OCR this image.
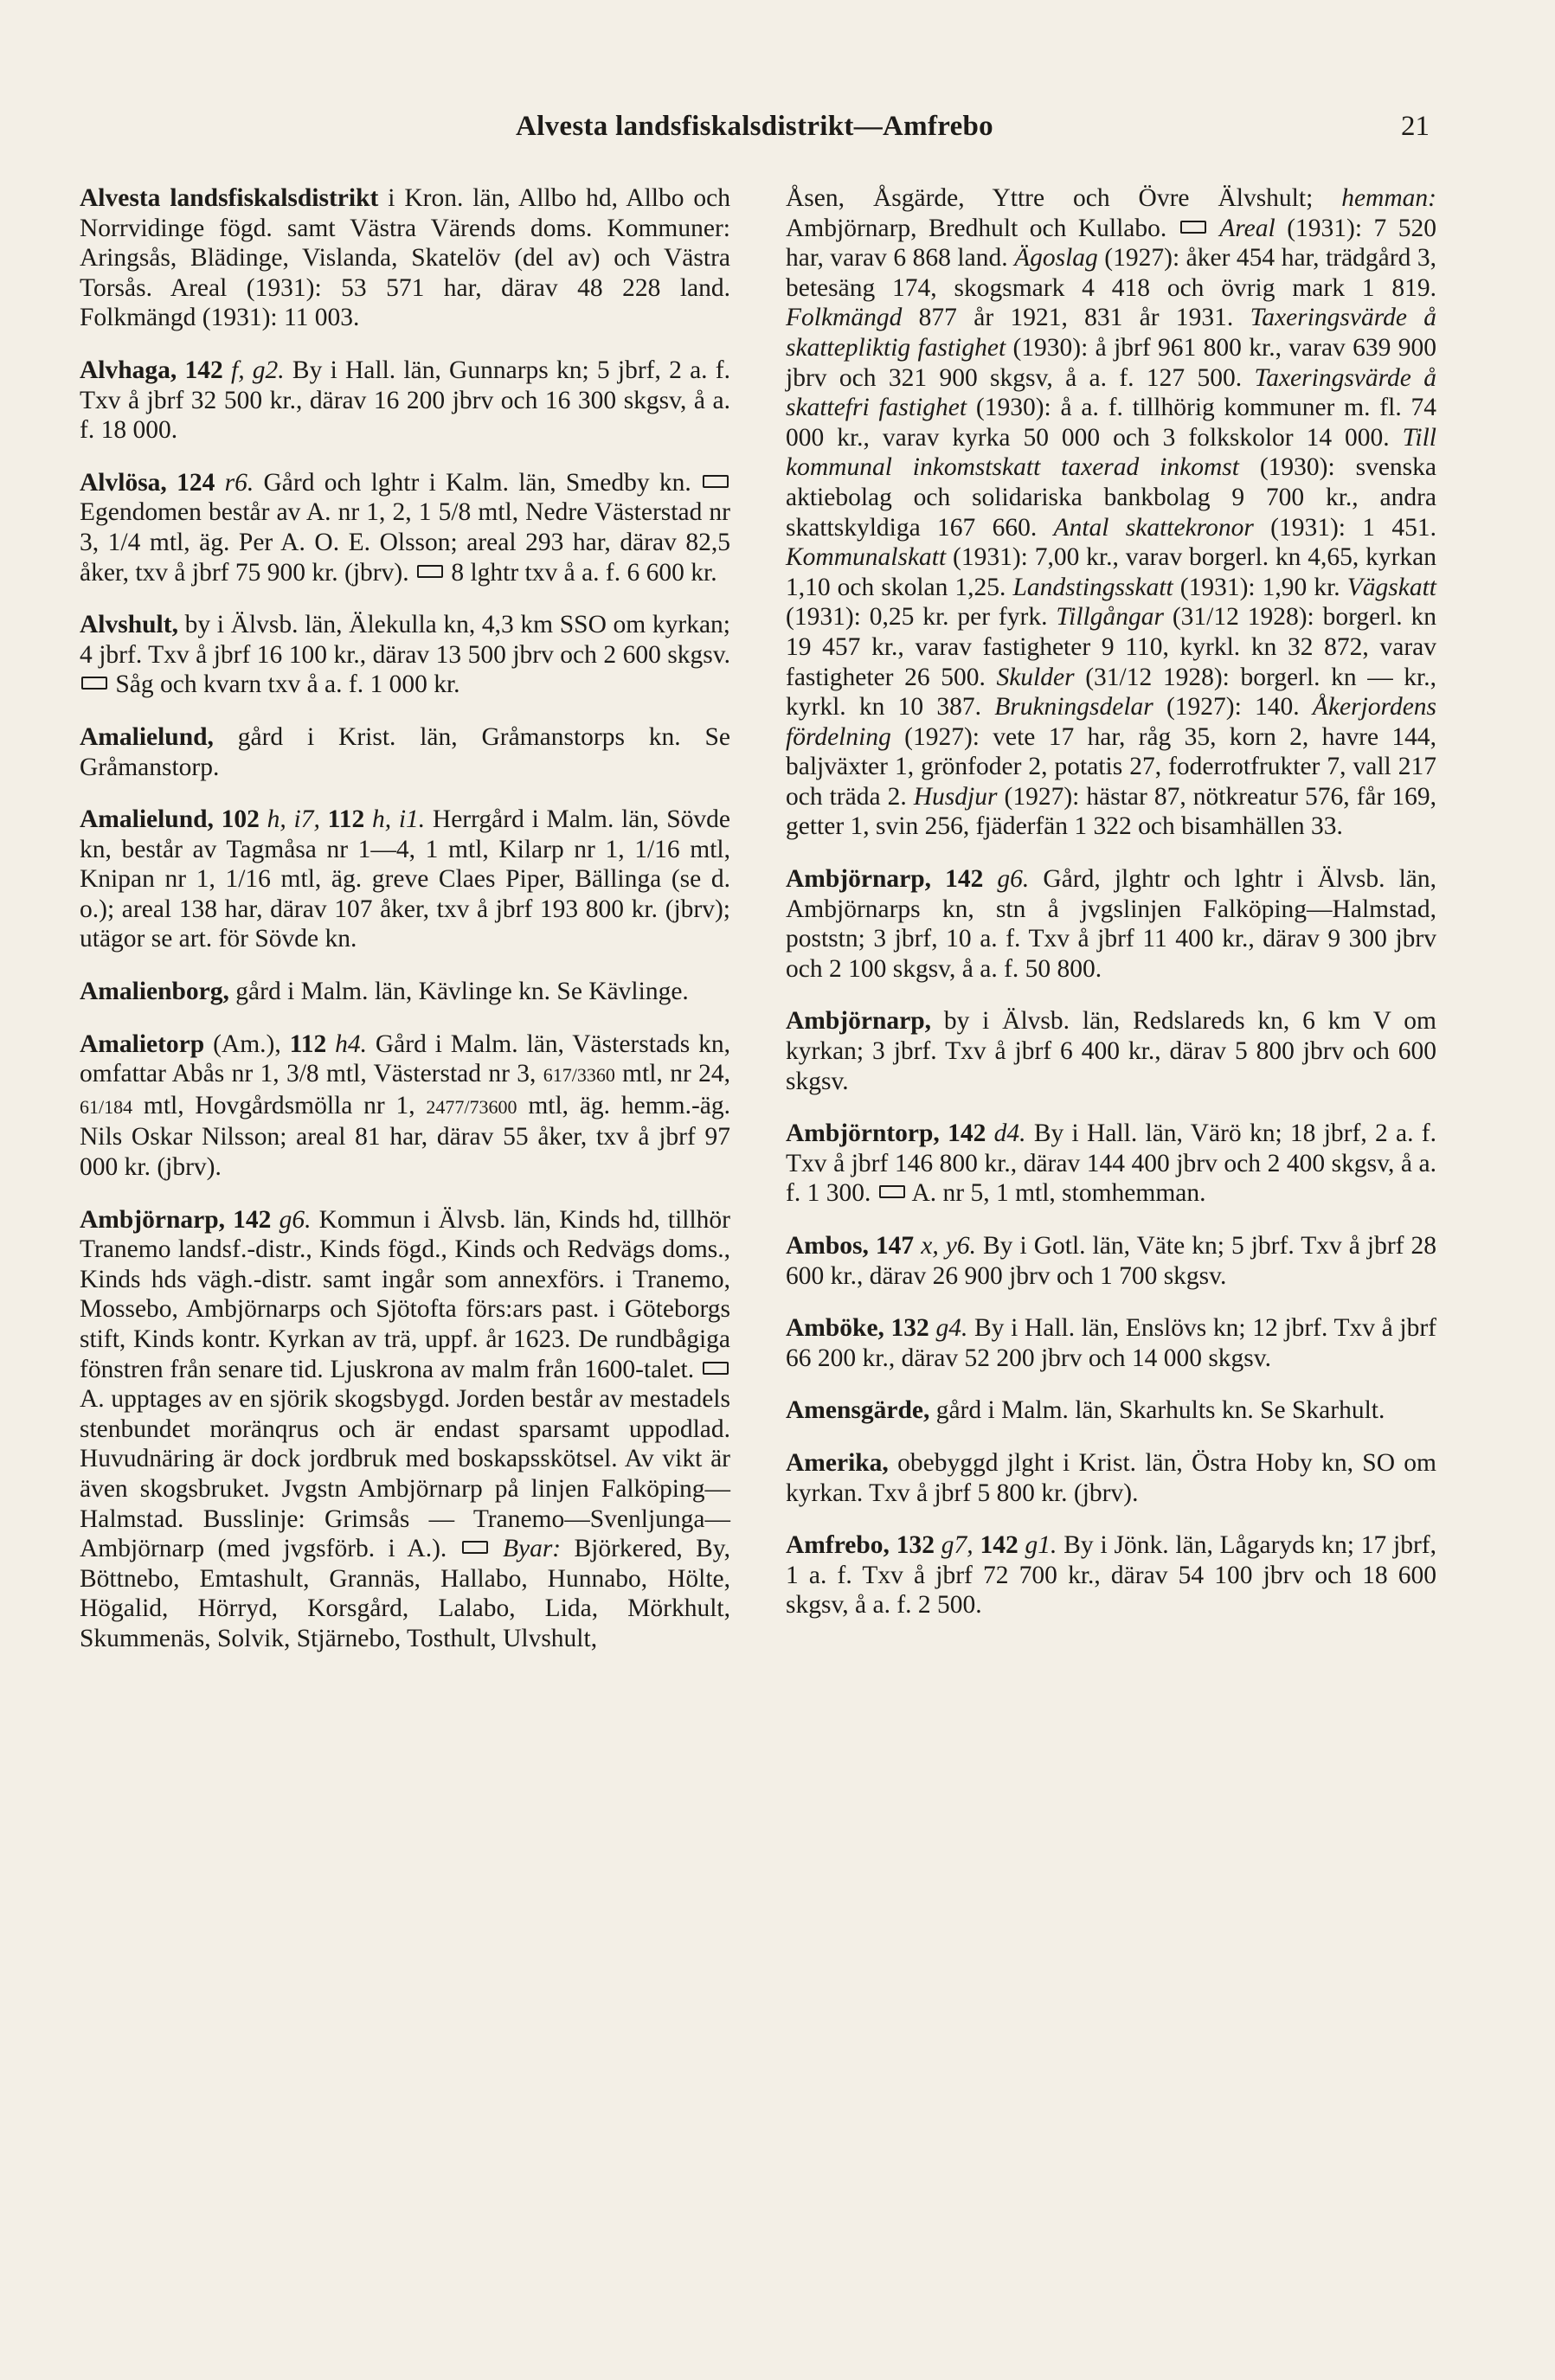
Alvesta landsfiskalsdistrikt—Amfrebo	21

Alvesta landsfiskalsdistrikt i Kron. län, Allbo hd, Allbo och Norrvidinge fögd. samt Västra Värends doms. Kommuner: Aringsås, Blädinge, Vislanda, Skatelöv (del av) och Västra Torsås. Areal (1931): 53 571 har, därav 48 228 land. Folkmängd (1931): 11 003.

Alvhaga, 142 f, g2. By i Hall. län, Gunnarps kn; 5 jbrf, 2 a. f. Txv å jbrf 32 500 kr., därav 16 200 jbrv och 16 300 skgsv, å a. f. 18 000.

Alvlösa, 124 r6. Gård och lghtr i Kalm. län, Smedby kn.  Egendomen består av A. nr 1, 2, 1 5/8 mtl, Nedre Västerstad nr 3, 1/4 mtl, äg. Per A. O. E. Olsson; areal 293 har, därav 82,5 åker, txv å jbrf 75 900 kr. (jbrv).  8 lghtr txv å a. f. 6 600 kr.

Alvshult, by i Älvsb. län, Älekulla kn, 4,3 km SSO om kyrkan; 4 jbrf. Txv å jbrf 16 100 kr., därav 13 500 jbrv och 2 600 skgsv.  Såg och kvarn txv å a. f. 1 000 kr.

Amalielund, gård i Krist. län, Gråmanstorps kn. Se Gråmanstorp.

Amalielund, 102 h, i7, 112 h, i1. Herrgård i Malm. län, Sövde kn, består av Tagmåsa nr 1—4, 1 mtl, Kilarp nr 1, 1/16 mtl, Knipan nr 1, 1/16 mtl, äg. greve Claes Piper, Bällinga (se d. o.); areal 138 har, därav 107 åker, txv å jbrf 193 800 kr. (jbrv); utägor se art. för Sövde kn.

Amalienborg, gård i Malm. län, Kävlinge kn. Se Kävlinge.

Amalietorp (Am.), 112 h4. Gård i Malm. län, Västerstads kn, omfattar Abås nr 1, 3/8 mtl, Västerstad nr 3, 617/3360 mtl, nr 24, 61/184 mtl, Hovgårdsmölla nr 1, 2477/73600 mtl, äg. hemm.-äg. Nils Oskar Nilsson; areal 81 har, därav 55 åker, txv å jbrf 97 000 kr. (jbrv).

Ambjörnarp, 142 g6. Kommun i Älvsb. län, Kinds hd, tillhör Tranemo landsf.-distr., Kinds fögd., Kinds och Redvägs doms., Kinds hds vägh.-distr. samt ingår som annexförs. i Tranemo, Mossebo, Ambjörnarps och Sjötofta förs:ars past. i Göteborgs stift, Kinds kontr. Kyrkan av trä, uppf. år 1623. De rundbågiga fönstren från senare tid. Ljuskrona av malm från 1600-talet.  A. upptages av en sjörik skogsbygd. Jorden består av mestadels stenbundet moränqrus och är endast sparsamt uppodlad. Huvudnäring är dock jordbruk med boskapsskötsel. Av vikt är även skogsbruket. Jvgstn Ambjörnarp på linjen Falköping—Halmstad. Busslinje: Grimsås — Tranemo—Svenljunga—Ambjörnarp (med jvgsförb. i A.).  Byar: Björkered, By, Böttnebo, Emtashult, Grannäs, Hallabo, Hunnabo, Hölte, Högalid, Hörryd, Korsgård, Lalabo, Lida, Mörkhult, Skummenäs, Solvik, Stjärnebo, Tosthult, Ulvshult,

Åsen, Åsgärde, Yttre och Övre Älvshult; hemman: Ambjörnarp, Bredhult och Kullabo.  Areal (1931): 7 520 har, varav 6 868 land. Ägoslag (1927): åker 454 har, trädgård 3, betesäng 174, skogsmark 4 418 och övrig mark 1 819. Folkmängd 877 år 1921, 831 år 1931. Taxeringsvärde å skattepliktig fastighet (1930): å jbrf 961 800 kr., varav 639 900 jbrv och 321 900 skgsv, å a. f. 127 500. Taxeringsvärde å skattefri fastighet (1930): å a. f. tillhörig kommuner m. fl. 74 000 kr., varav kyrka 50 000 och 3 folkskolor 14 000. Till kommunal inkomstskatt taxerad inkomst (1930): svenska aktiebolag och solidariska bankbolag 9 700 kr., andra skattskyldiga 167 660. Antal skattekronor (1931): 1 451. Kommunalskatt (1931): 7,00 kr., varav borgerl. kn 4,65, kyrkan 1,10 och skolan 1,25. Landstingsskatt (1931): 1,90 kr. Vägskatt (1931): 0,25 kr. per fyrk. Tillgångar (31/12 1928): borgerl. kn 19 457 kr., varav fastigheter 9 110, kyrkl. kn 32 872, varav fastigheter 26 500. Skulder (31/12 1928): borgerl. kn — kr., kyrkl. kn 10 387. Brukningsdelar (1927): 140. Åkerjordens fördelning (1927): vete 17 har, råg 35, korn 2, havre 144, baljväxter 1, grönfoder 2, potatis 27, foderrotfrukter 7, vall 217 och träda 2. Husdjur (1927): hästar 87, nötkreatur 576, får 169, getter 1, svin 256, fjäderfän 1 322 och bisamhällen 33.

Ambjörnarp, 142 g6. Gård, jlghtr och lghtr i Älvsb. län, Ambjörnarps kn, stn å jvgslinjen Falköping—Halmstad, poststn; 3 jbrf, 10 a. f. Txv å jbrf 11 400 kr., därav 9 300 jbrv och 2 100 skgsv, å a. f. 50 800.

Ambjörnarp, by i Älvsb. län, Redslareds kn, 6 km V om kyrkan; 3 jbrf. Txv å jbrf 6 400 kr., därav 5 800 jbrv och 600 skgsv.

Ambjörntorp, 142 d4. By i Hall. län, Värö kn; 18 jbrf, 2 a. f. Txv å jbrf 146 800 kr., därav 144 400 jbrv och 2 400 skgsv, å a. f. 1 300.  A. nr 5, 1 mtl, stomhemman.

Ambos, 147 x, y6. By i Gotl. län, Väte kn; 5 jbrf. Txv å jbrf 28 600 kr., därav 26 900 jbrv och 1 700 skgsv.

Amböke, 132 g4. By i Hall. län, Enslövs kn; 12 jbrf. Txv å jbrf 66 200 kr., därav 52 200 jbrv och 14 000 skgsv.

Amensgärde, gård i Malm. län, Skarhults kn. Se Skarhult.

Amerika, obebyggd jlght i Krist. län, Östra Hoby kn, SO om kyrkan. Txv å jbrf 5 800 kr. (jbrv).

Amfrebo, 132 g7, 142 g1. By i Jönk. län, Lågaryds kn; 17 jbrf, 1 a. f. Txv å jbrf 72 700 kr., därav 54 100 jbrv och 18 600 skgsv, å a. f. 2 500.
